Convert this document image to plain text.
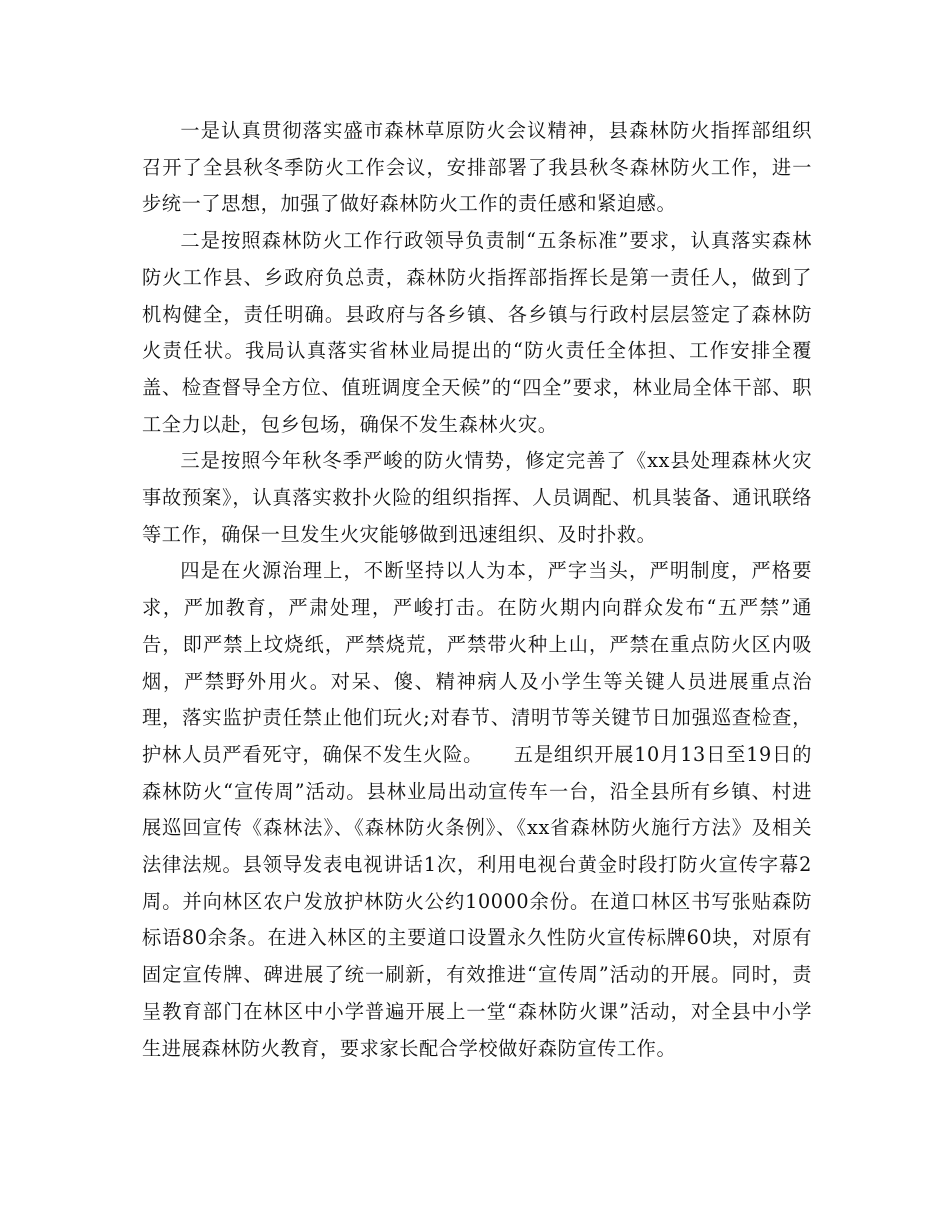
一是认真贯彻落实盛市森林草原防火会议精神，县森林防火指挥部组织召开了全县秋冬季防火工作会议，安排部署了我县秋冬森林防火工作，进一步统一了思想，加强了做好森林防火工作的责任感和紧迫感。

二是按照森林防火工作行政领导负责制“五条标准”要求，认真落实森林防火工作县、乡政府负总责，森林防火指挥部指挥长是第一责任人，做到了机构健全，责任明确。县政府与各乡镇、各乡镇与行政村层层签定了森林防火责任状。我局认真落实省林业局提出的“防火责任全体担、工作安排全覆盖、检查督导全方位、值班调度全天候”的“四全”要求，林业局全体干部、职工全力以赴，包乡包场，确保不发生森林火灾。

三是按照今年秋冬季严峻的防火情势，修定完善了《xx县处理森林火灾事故预案》，认真落实救扑火险的组织指挥、人员调配、机具装备、通讯联络等工作，确保一旦发生火灾能够做到迅速组织、及时扑救。

四是在火源治理上，不断坚持以人为本，严字当头，严明制度，严格要求，严加教育，严肃处理，严峻打击。在防火期内向群众发布“五严禁”通告，即严禁上坟烧纸，严禁烧荒，严禁带火种上山，严禁在重点防火区内吸烟，严禁野外用火。对呆、傻、精神病人及小学生等关键人员进展重点治理，落实监护责任禁止他们玩火;对春节、清明节等关键节日加强巡查检查，护林人员严看死守，确保不发生火险。　　五是组织开展10月13日至19日的森林防火“宣传周”活动。县林业局出动宣传车一台，沿全县所有乡镇、村进展巡回宣传《森林法》、《森林防火条例》、《xx省森林防火施行方法》及相关法律法规。县领导发表电视讲话1次，利用电视台黄金时段打防火宣传字幕2周。并向林区农户发放护林防火公约10000余份。在道口林区书写张贴森防标语80余条。在进入林区的主要道口设置永久性防火宣传标牌60块，对原有固定宣传牌、碑进展了统一刷新，有效推进“宣传周”活动的开展。同时，责呈教育部门在林区中小学普遍开展上一堂“森林防火课”活动，对全县中小学生进展森林防火教育，要求家长配合学校做好森防宣传工作。
